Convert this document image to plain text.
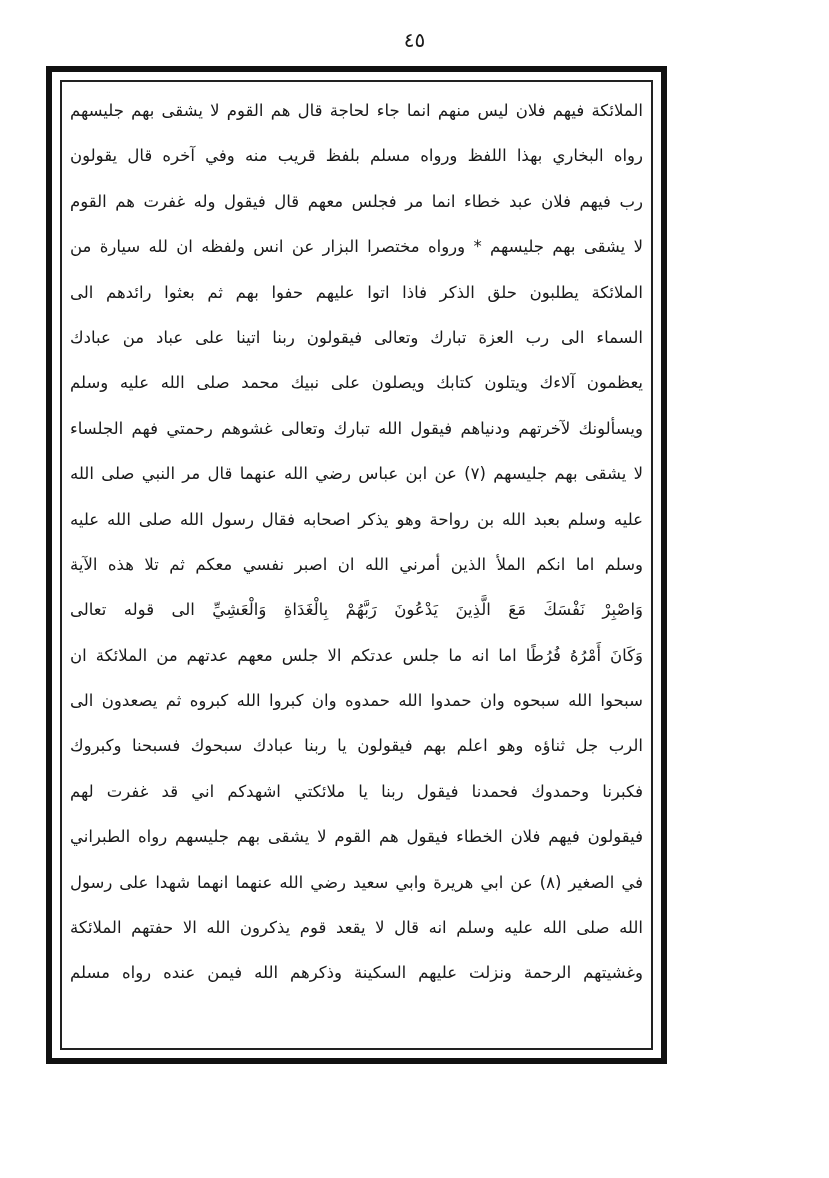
٤٥
الملائكة فيهم فلان ليس منهم انما جاء لحاجة قال هم القوم لا يشقى بهم جليسهم
رواه البخاري بهذا اللفظ ورواه مسلم بلفظ قريب منه وفي آخره قال يقولون
رب فيهم فلان عبد خطاء انما مر فجلس معهم قال فيقول وله غفرت هم القوم
لا يشقى بهم جليسهم * ورواه مختصرا البزار عن انس ولفظه ان لله سيارة من
الملائكة يطلبون حلق الذكر فاذا اتوا عليهم حفوا بهم ثم بعثوا رائدهم الى
السماء الى رب العزة تبارك وتعالى فيقولون ربنا اتينا على عباد من عبادك
يعظمون آلاءك ويتلون كتابك ويصلون على نبيك محمد صلى الله عليه وسلم
ويسألونك لآخرتهم ودنياهم فيقول الله تبارك وتعالى غشوهم رحمتي فهم الجلساء
لا يشقى بهم جليسهم (٧) عن ابن عباس رضي الله عنهما قال مر النبي صلى الله
عليه وسلم بعبد الله بن رواحة وهو يذكر اصحابه فقال رسول الله صلى الله عليه
وسلم اما انكم الملأ الذين أمرني الله ان اصبر نفسي معكم ثم تلا هذه الآية
وَاصْبِرْ نَفْسَكَ مَعَ الَّذِينَ يَدْعُونَ رَبَّهُمْ بِالْغَدَاةِ وَالْعَشِيِّ الى قوله تعالى
وَكَانَ أَمْرُهُ فُرُطًا اما انه ما جلس عدتكم الا جلس معهم عدتهم من الملائكة ان
سبحوا الله سبحوه وان حمدوا الله حمدوه وان كبروا الله كبروه ثم يصعدون الى
الرب جل ثناؤه وهو اعلم بهم فيقولون يا ربنا عبادك سبحوك فسبحنا وكبروك
فكبرنا وحمدوك فحمدنا فيقول ربنا يا ملائكتي اشهدكم اني قد غفرت لهم
فيقولون فيهم فلان الخطاء فيقول هم القوم لا يشقى بهم جليسهم رواه الطبراني
في الصغير (٨) عن ابي هريرة وابي سعيد رضي الله عنهما انهما شهدا على رسول
الله صلى الله عليه وسلم انه قال لا يقعد قوم يذكرون الله الا حفتهم الملائكة
وغشيتهم الرحمة ونزلت عليهم السكينة وذكرهم الله فيمن عنده رواه مسلم
